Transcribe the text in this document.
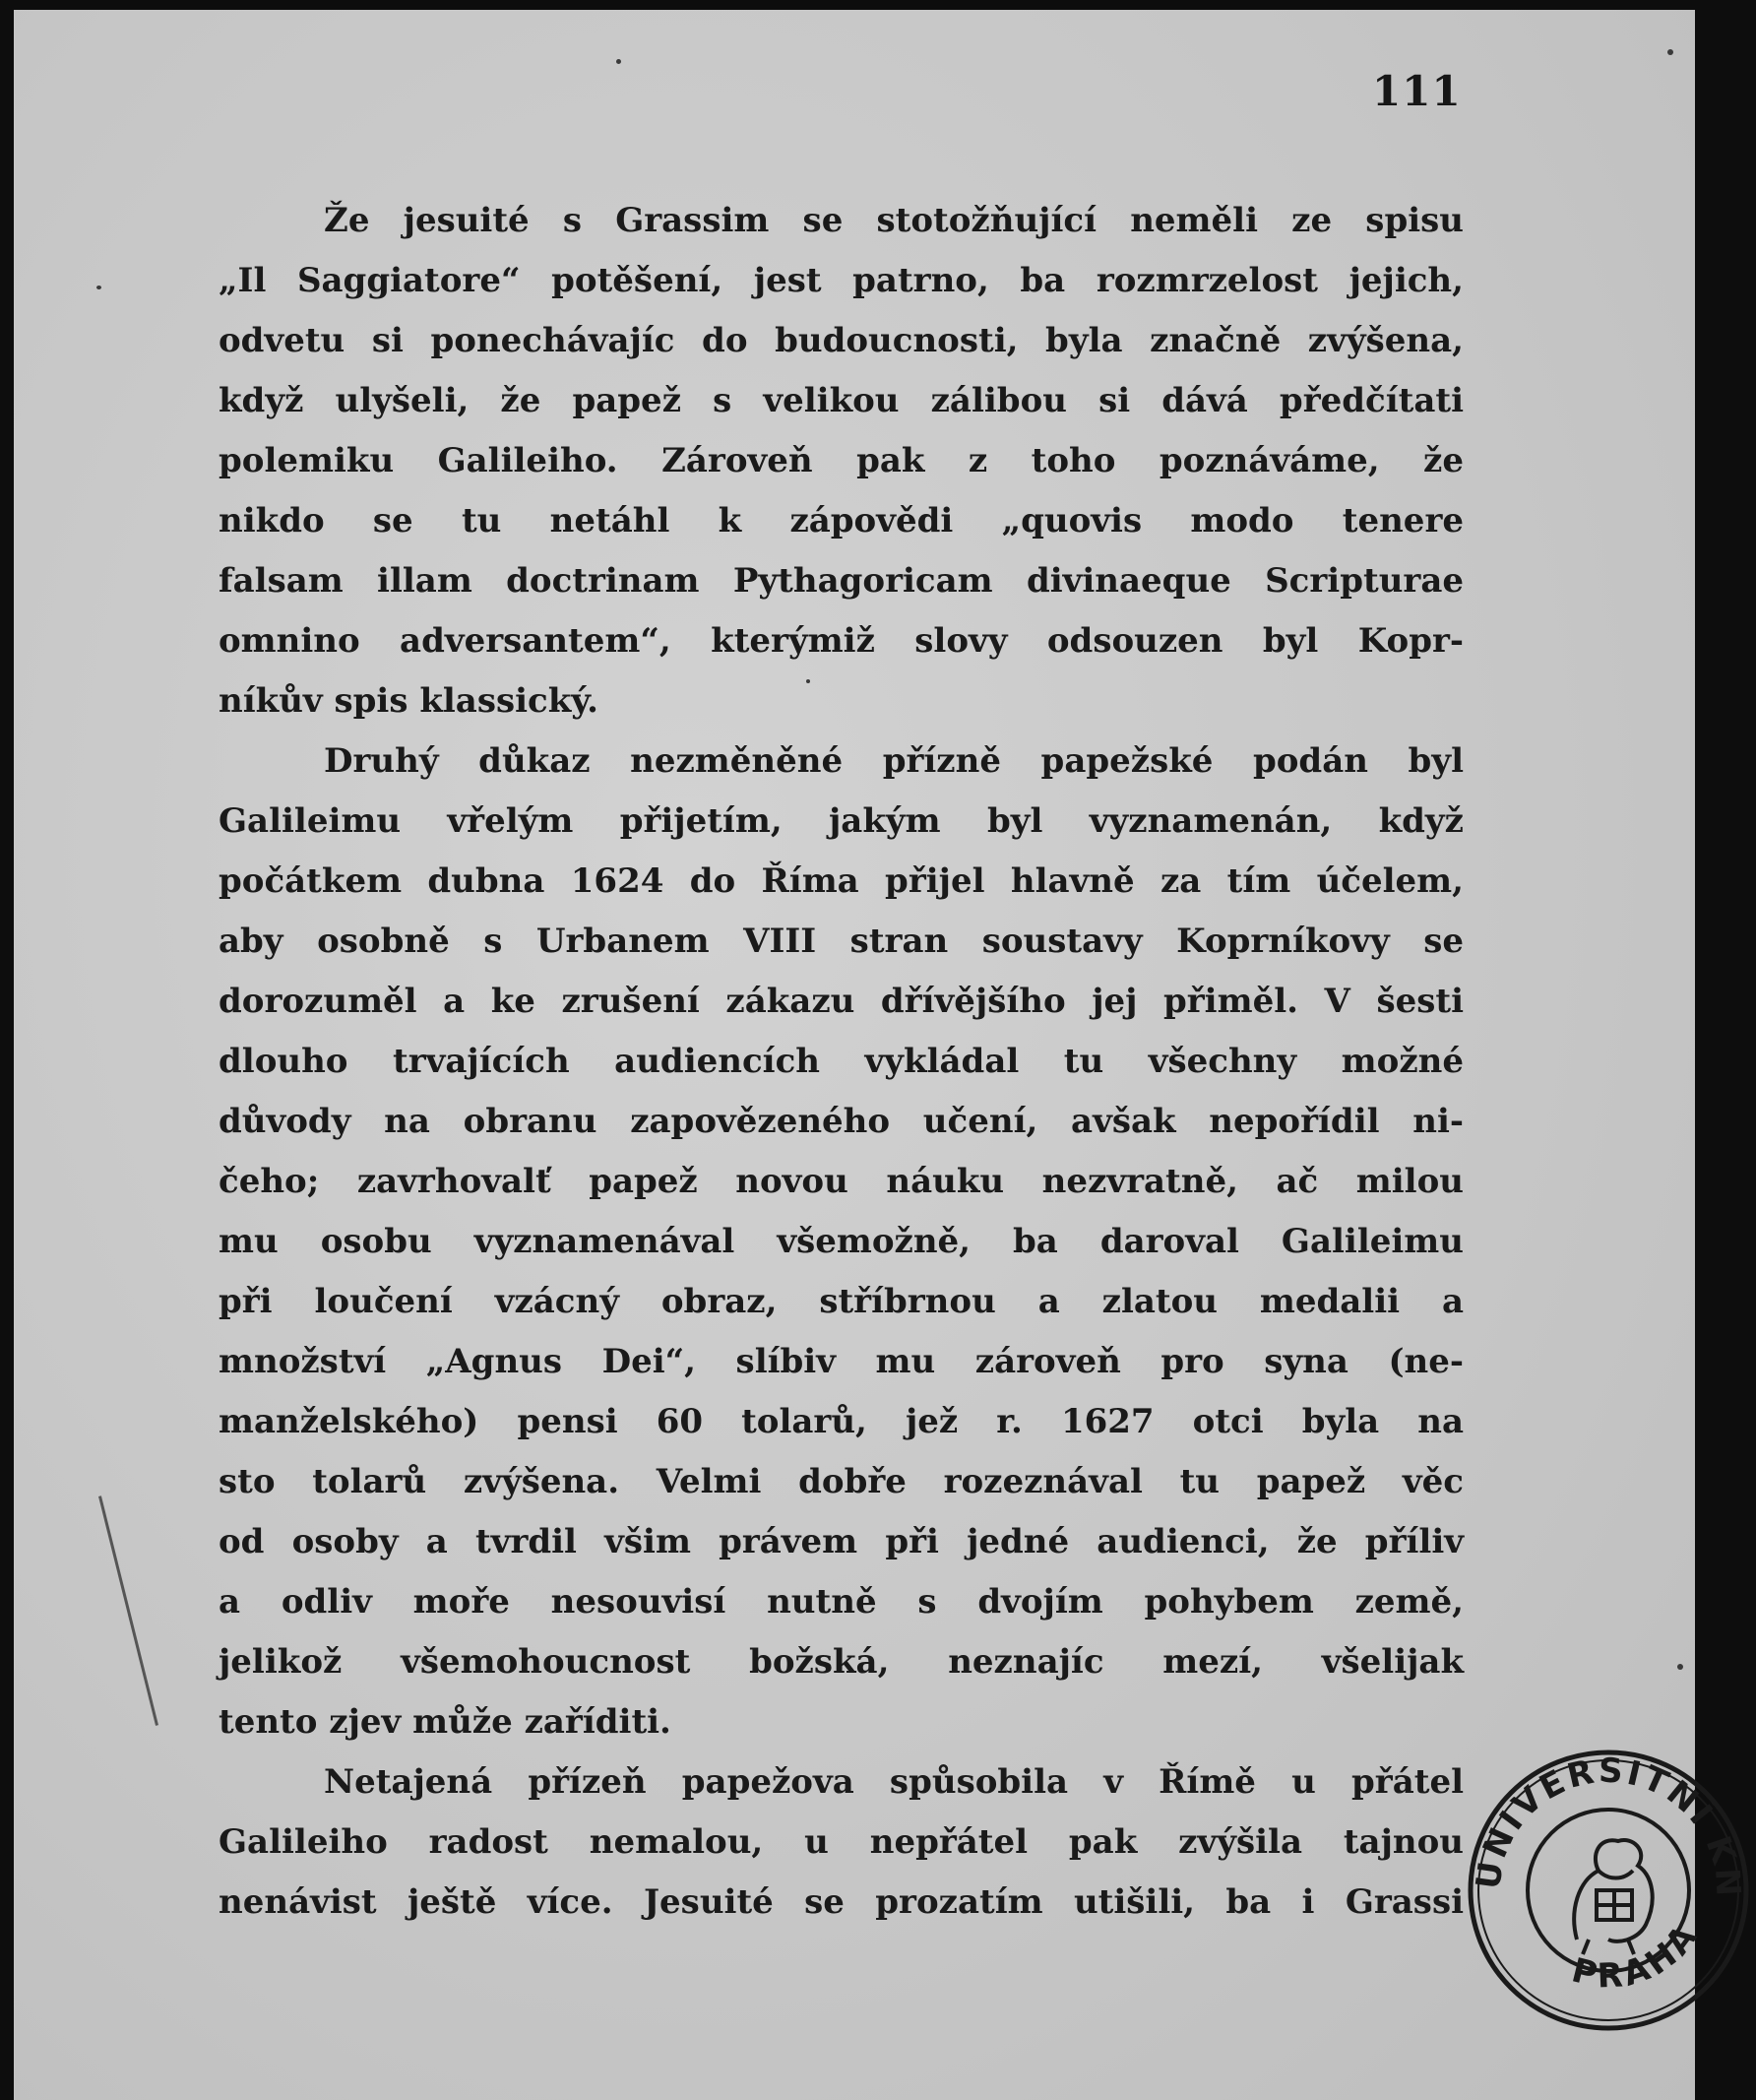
111
Že jesuité s Grassim se stotožňující neměli ze spisu
„Il Saggiatore“ potěšení, jest patrno, ba rozmrzelost jejich,
odvetu si ponechávajíc do budoucnosti, byla značně zvýšena,
když ulyšeli, že papež s velikou zálibou si dává předčítati
polemiku Galileiho. Zároveň pak z toho poznáváme, že
nikdo se tu netáhl k zápovědi „quovis modo tenere
falsam illam doctrinam Pythagoricam divinaeque Scripturae
omnino adversantem“, kterýmiž slovy odsouzen byl Kopr-
níkův spis klassický.
Druhý důkaz nezměněné přízně papežské podán byl
Galileimu vřelým přijetím, jakým byl vyznamenán, když
počátkem dubna 1624 do Říma přijel hlavně za tím účelem,
aby osobně s Urbanem VIII stran soustavy Koprníkovy se
dorozuměl a ke zrušení zákazu dřívějšího jej přiměl. V šesti
dlouho trvajících audiencích vykládal tu všechny možné
důvody na obranu zapovězeného učení, avšak nepořídil ni-
čeho; zavrhovalť papež novou náuku nezvratně, ač milou
mu osobu vyznamenával všemožně, ba daroval Galileimu
při loučení vzácný obraz, stříbrnou a zlatou medalii a
množství „Agnus Dei“, slíbiv mu zároveň pro syna (ne-
manželského) pensi 60 tolarů, jež r. 1627 otci byla na
sto tolarů zvýšena. Velmi dobře rozeznával tu papež věc
od osoby a tvrdil všim právem při jedné audienci, že příliv
a odliv moře nesouvisí nutně s dvojím pohybem země,
jelikož všemohoucnost božská, neznajíc mezí, všelijak
tento zjev může zaříditi.
Netajená přízeň papežova spůsobila v Římě u přátel
Galileiho radost nemalou, u nepřátel pak zvýšila tajnou
nenávist ještě více. Jesuité se prozatím utišili, ba i Grassi
UNIVERSITNÍ KN
PRAHA
